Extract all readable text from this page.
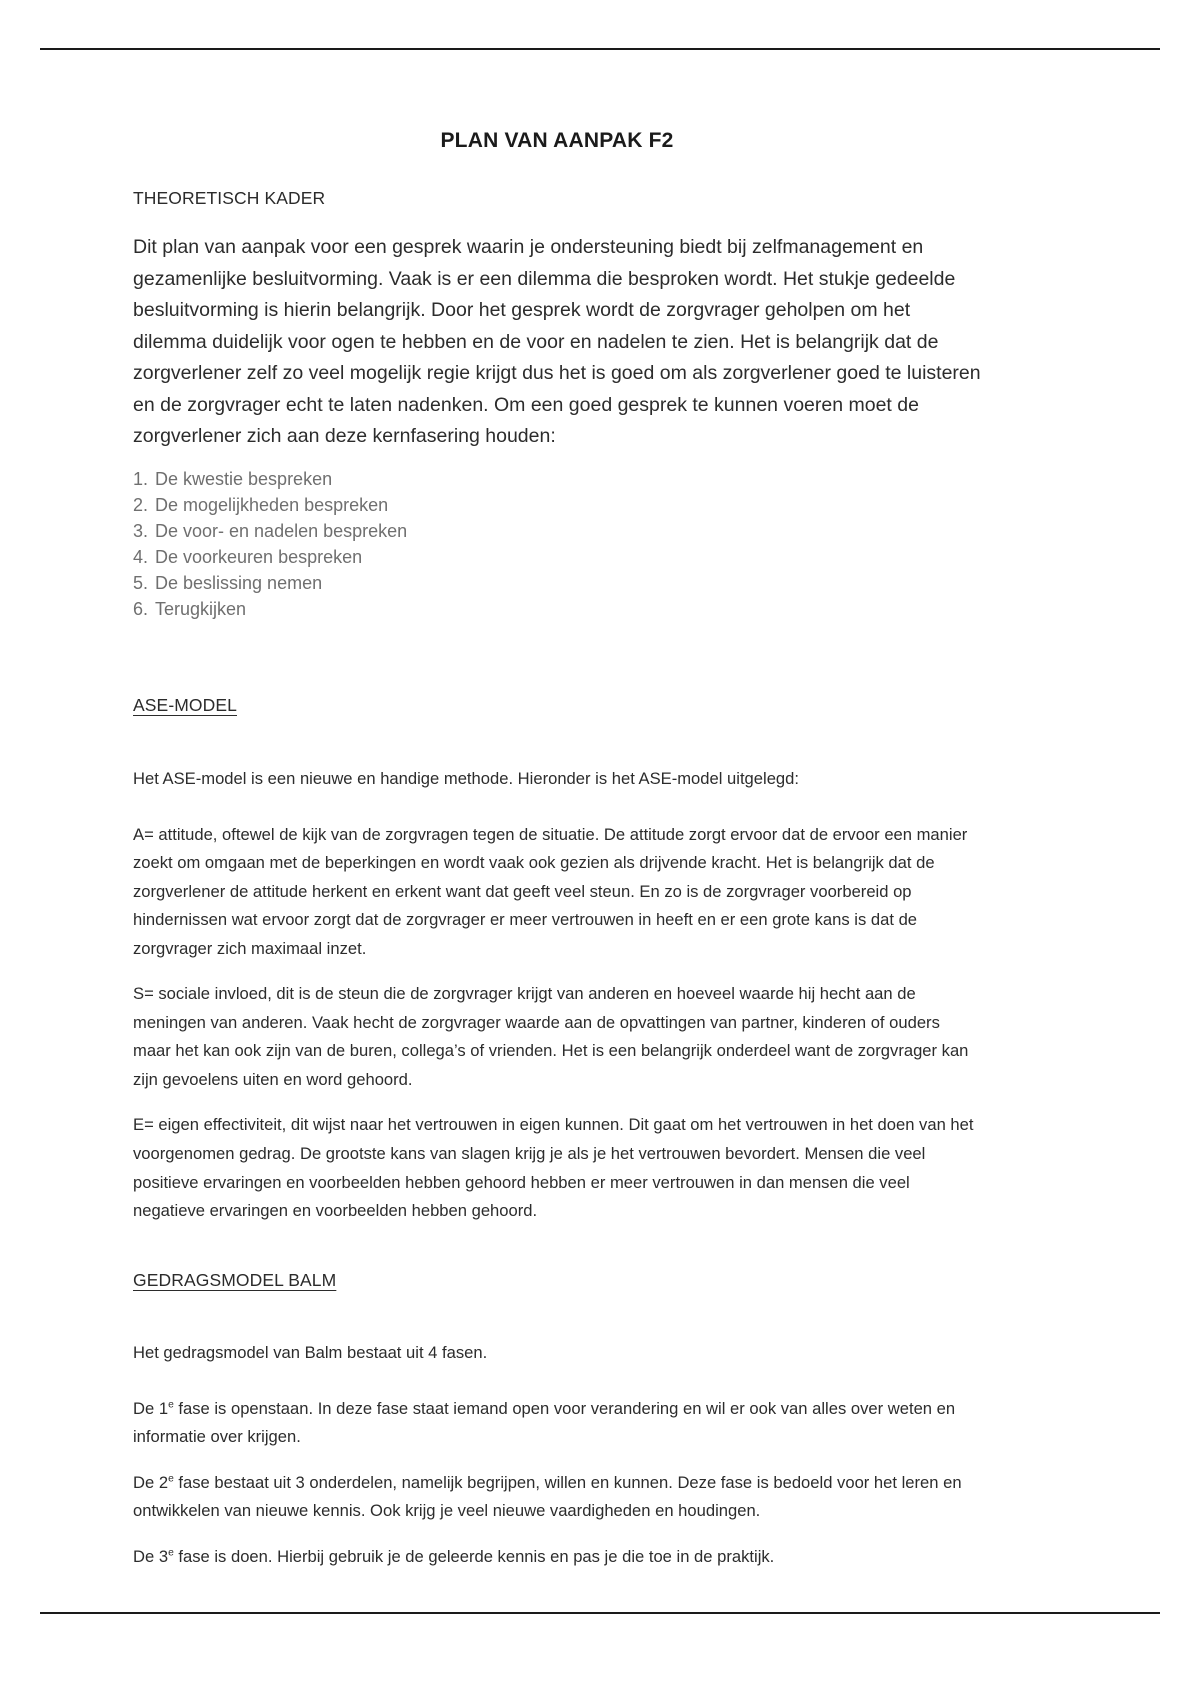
PLAN VAN AANPAK F2
THEORETISCH KADER

Dit plan van aanpak voor een gesprek waarin je ondersteuning biedt bij zelfmanagement en gezamenlijke besluitvorming. Vaak is er een dilemma die besproken wordt. Het stukje gedeelde besluitvorming is hierin belangrijk. Door het gesprek wordt de zorgvrager geholpen om het dilemma duidelijk voor ogen te hebben en de voor en nadelen te zien. Het is belangrijk dat de zorgverlener zelf zo veel mogelijk regie krijgt dus het is goed om als zorgverlener goed te luisteren en de zorgvrager echt te laten nadenken. Om een goed gesprek te kunnen voeren moet de zorgverlener zich aan deze kernfasering houden:

1. De kwestie bespreken
2. De mogelijkheden bespreken
3. De voor- en nadelen bespreken
4. De voorkeuren bespreken
5. De beslissing nemen
6. Terugkijken
ASE-MODEL

Het ASE-model is een nieuwe en handige methode. Hieronder is het ASE-model uitgelegd:

A= attitude, oftewel de kijk van de zorgvragen tegen de situatie. De attitude zorgt ervoor dat de ervoor een manier zoekt om omgaan met de beperkingen en wordt vaak ook gezien als drijvende kracht. Het is belangrijk dat de zorgverlener de attitude herkent en erkent want dat geeft veel steun. En zo is de zorgvrager voorbereid op hindernissen wat ervoor zorgt dat de zorgvrager er meer vertrouwen in heeft en er een grote kans is dat de zorgvrager zich maximaal inzet.

S= sociale invloed, dit is de steun die de zorgvrager krijgt van anderen en hoeveel waarde hij hecht aan de meningen van anderen. Vaak hecht de zorgvrager waarde aan de opvattingen van partner, kinderen of ouders maar het kan ook zijn van de buren, collega’s of vrienden. Het is een belangrijk onderdeel want de zorgvrager kan zijn gevoelens uiten en word gehoord.

E= eigen effectiviteit, dit wijst naar het vertrouwen in eigen kunnen. Dit gaat om het vertrouwen in het doen van het voorgenomen gedrag. De grootste kans van slagen krijg je als je het vertrouwen bevordert. Mensen die veel positieve ervaringen en voorbeelden hebben gehoord hebben er meer vertrouwen in dan mensen die veel negatieve ervaringen en voorbeelden hebben gehoord.

GEDRAGSMODEL BALM

Het gedragsmodel van Balm bestaat uit 4 fasen.

De 1e fase is openstaan. In deze fase staat iemand open voor verandering en wil er ook van alles over weten en informatie over krijgen.

De 2e fase bestaat uit 3 onderdelen, namelijk begrijpen, willen en kunnen. Deze fase is bedoeld voor het leren en ontwikkelen van nieuwe kennis. Ook krijg je veel nieuwe vaardigheden en houdingen.

De 3e fase is doen. Hierbij gebruik je de geleerde kennis en pas je die toe in de praktijk.
